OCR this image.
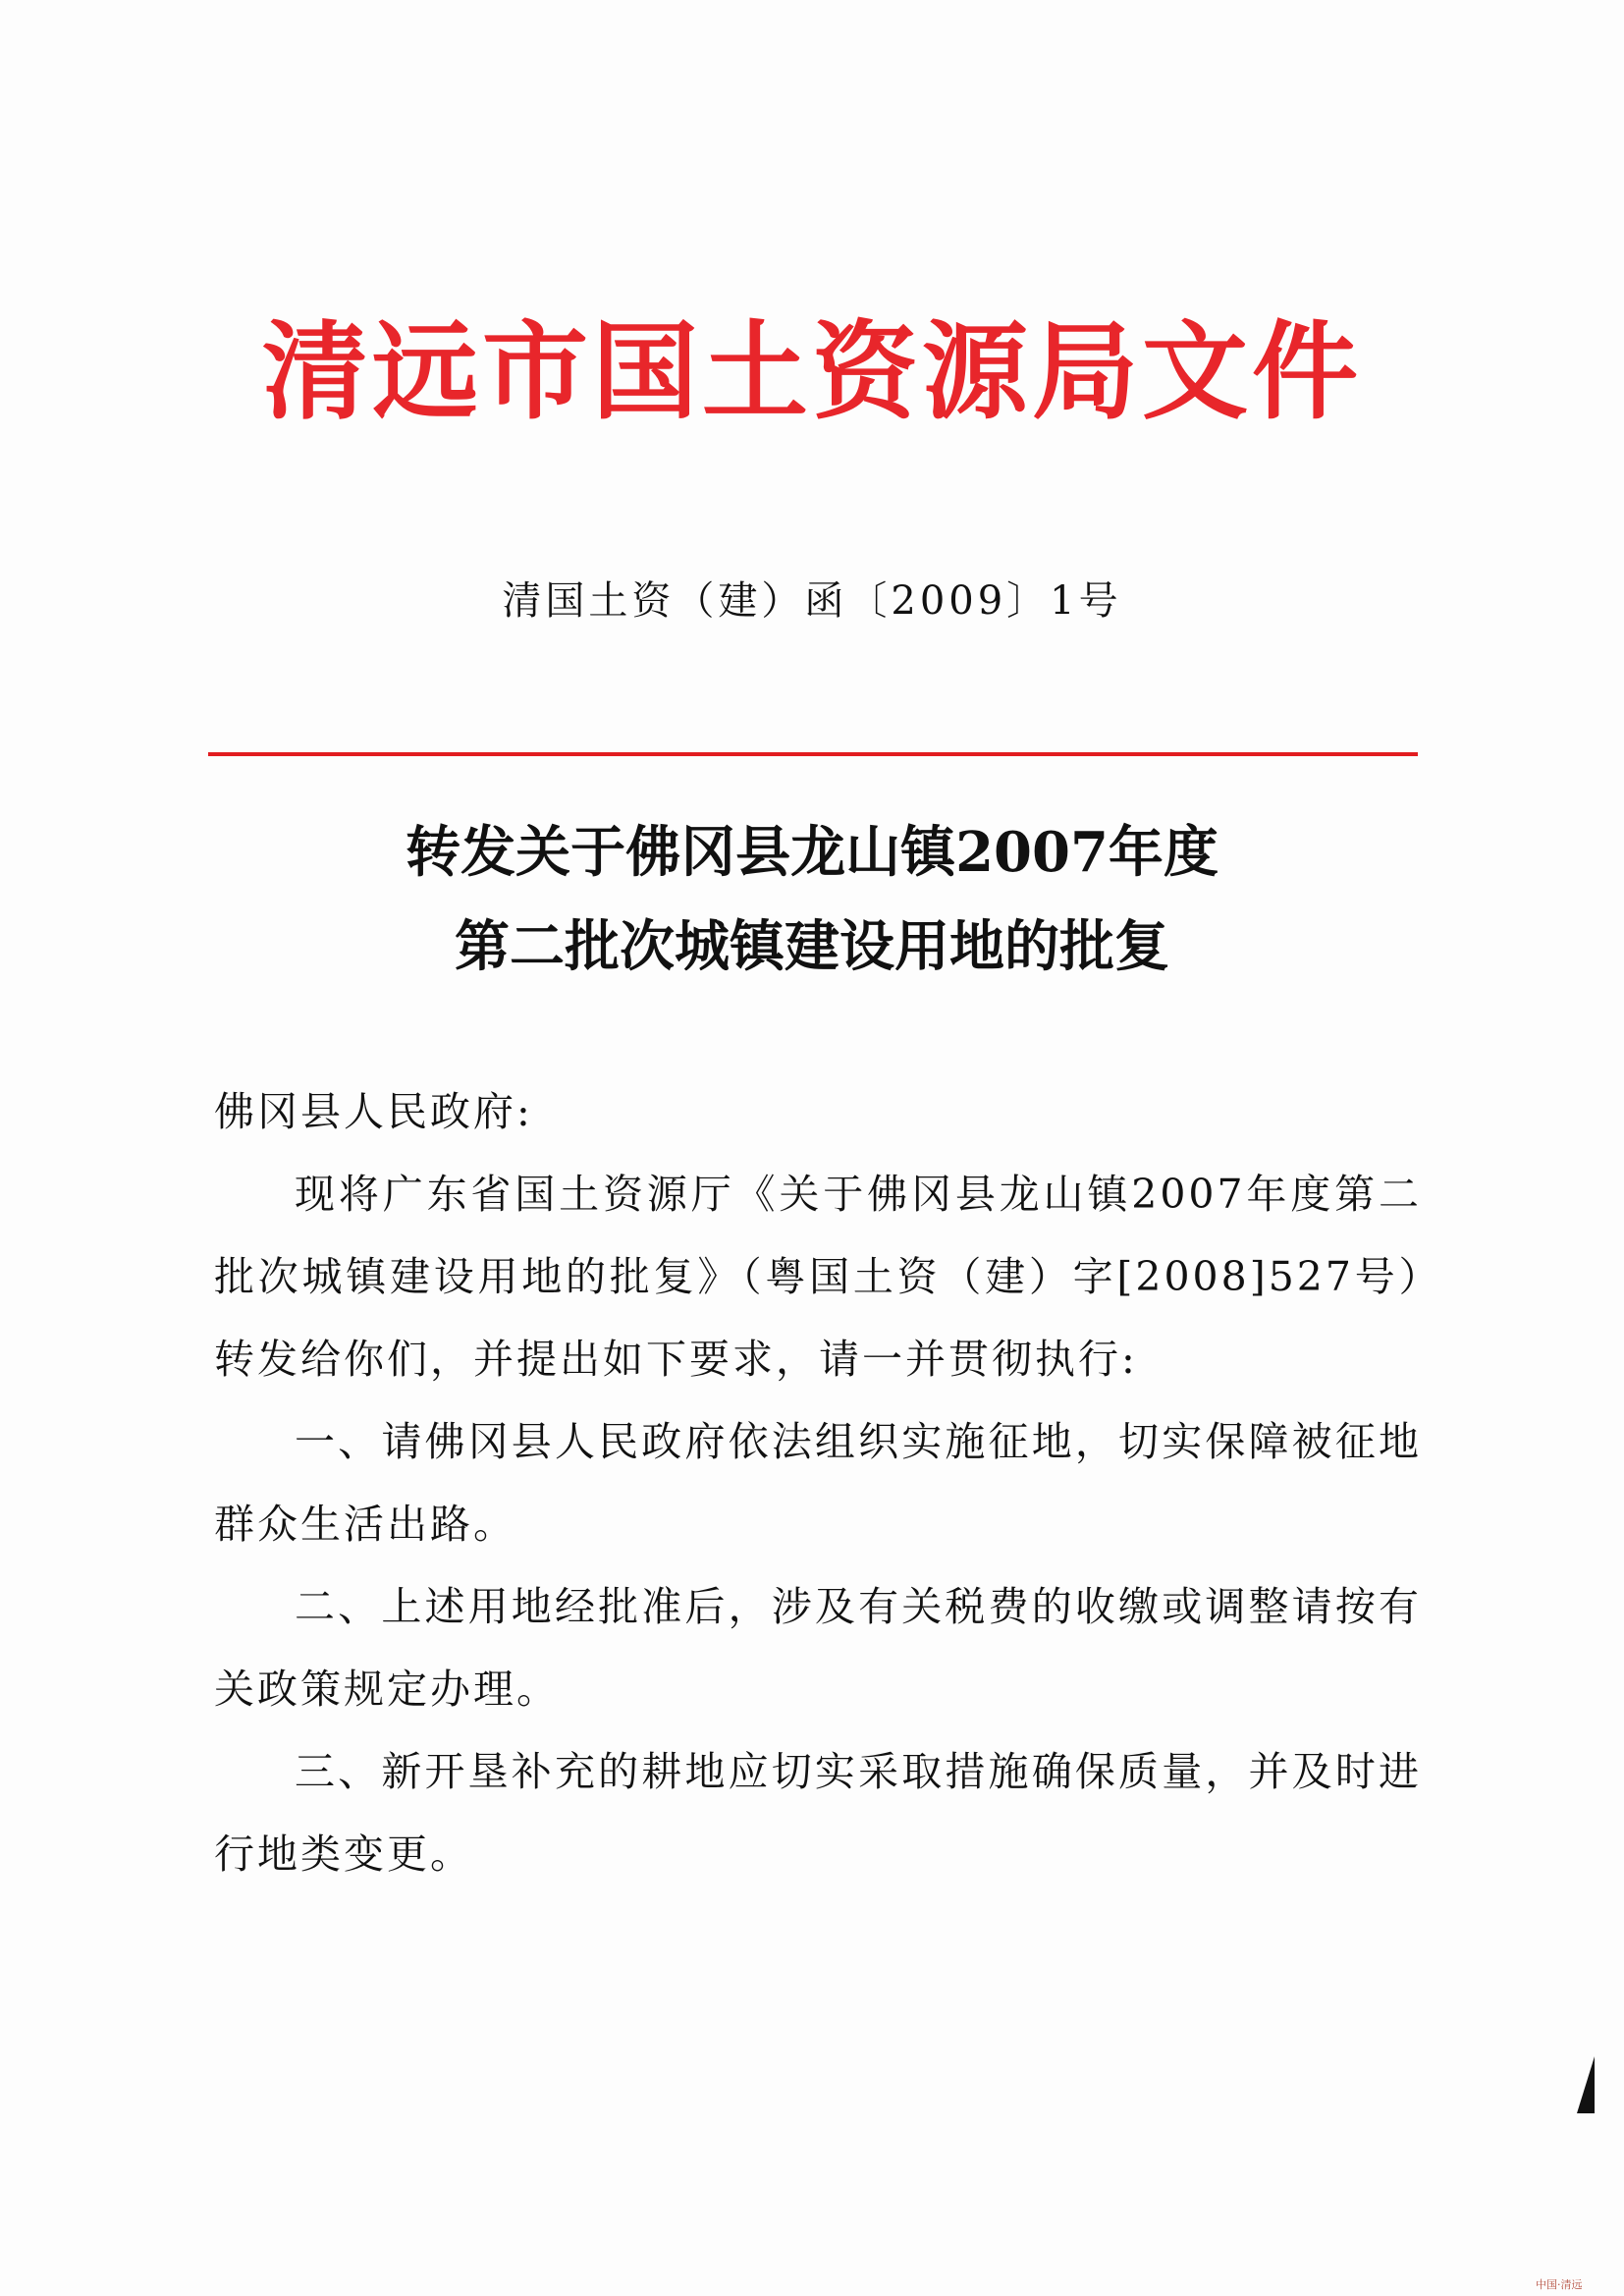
清远市国土资源局文件
清国土资（建）函〔2009〕1号
转发关于佛冈县龙山镇2007年度
第二批次城镇建设用地的批复

佛冈县人民政府:

现将广东省国土资源厅《关于佛冈县龙山镇2007年度第二批次城镇建设用地的批复》（粤国土资（建）字[2008]527号）转发给你们，并提出如下要求，请一并贯彻执行:

一、请佛冈县人民政府依法组织实施征地，切实保障被征地群众生活出路。

二、上述用地经批准后，涉及有关税费的收缴或调整请按有关政策规定办理。

三、新开垦补充的耕地应切实采取措施确保质量，并及时进行地类变更。

中国·清远
